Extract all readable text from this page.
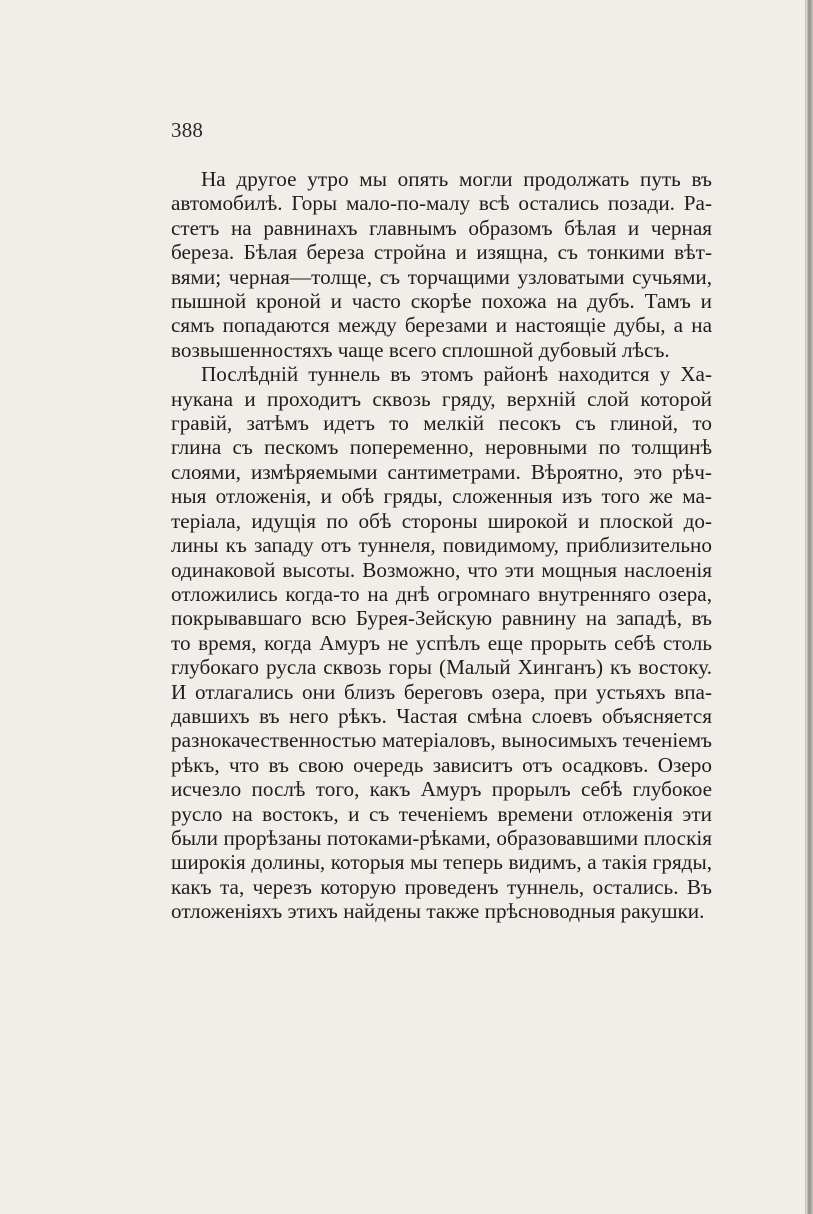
388

На другое утро мы опять могли продолжать путь въ

автомобилѣ. Горы мало-по-малу всѣ остались позади. Ра-

стетъ на равнинахъ главнымъ образомъ бѣлая и черная

береза. Бѣлая береза стройна и изящна, съ тонкими вѣт-

вями; черная—толще, съ торчащими узловатыми сучьями,

пышной кроной и часто скорѣе похожа на дубъ. Тамъ и

сямъ попадаются между березами и настоящіе дубы, а на

возвышенностяхъ чаще всего сплошной дубовый лѣсъ.

Послѣдній туннель въ этомъ районѣ находится у Ха-

нукана и проходитъ сквозь гряду, верхній слой которой

гравій, затѣмъ идетъ то мелкій песокъ съ глиной, то

глина съ пескомъ попеременно, неровными по толщинѣ

слоями, измѣряемыми сантиметрами. Вѣроятно, это рѣч-

ныя отложенія, и обѣ гряды, сложенныя изъ того же ма-

теріала, идущія по обѣ стороны широкой и плоской до-

лины къ западу отъ туннеля, повидимому, приблизительно

одинаковой высоты. Возможно, что эти мощныя наслоенія

отложились когда-то на днѣ огромнаго внутренняго озера,

покрывавшаго всю Бурея-Зейскую равнину на западѣ, въ

то время, когда Амуръ не успѣлъ еще прорыть себѣ столь

глубокаго русла сквозь горы (Малый Хинганъ) къ востоку.

И отлагались они близъ береговъ озера, при устьяхъ впа-

давшихъ въ него рѣкъ. Частая смѣна слоевъ объясняется

разнокачественностью матеріаловъ, выносимыхъ теченіемъ

рѣкъ, что въ свою очередь зависитъ отъ осадковъ. Озеро

исчезло послѣ того, какъ Амуръ прорылъ себѣ глубокое

русло на востокъ, и съ теченіемъ времени отложенія эти

были прорѣзаны потоками-рѣками, образовавшими плоскія

широкія долины, которыя мы теперь видимъ, а такія гряды,

какъ та, черезъ которую проведенъ туннель, остались. Въ

отложеніяхъ этихъ найдены также прѣсноводныя ракушки.
